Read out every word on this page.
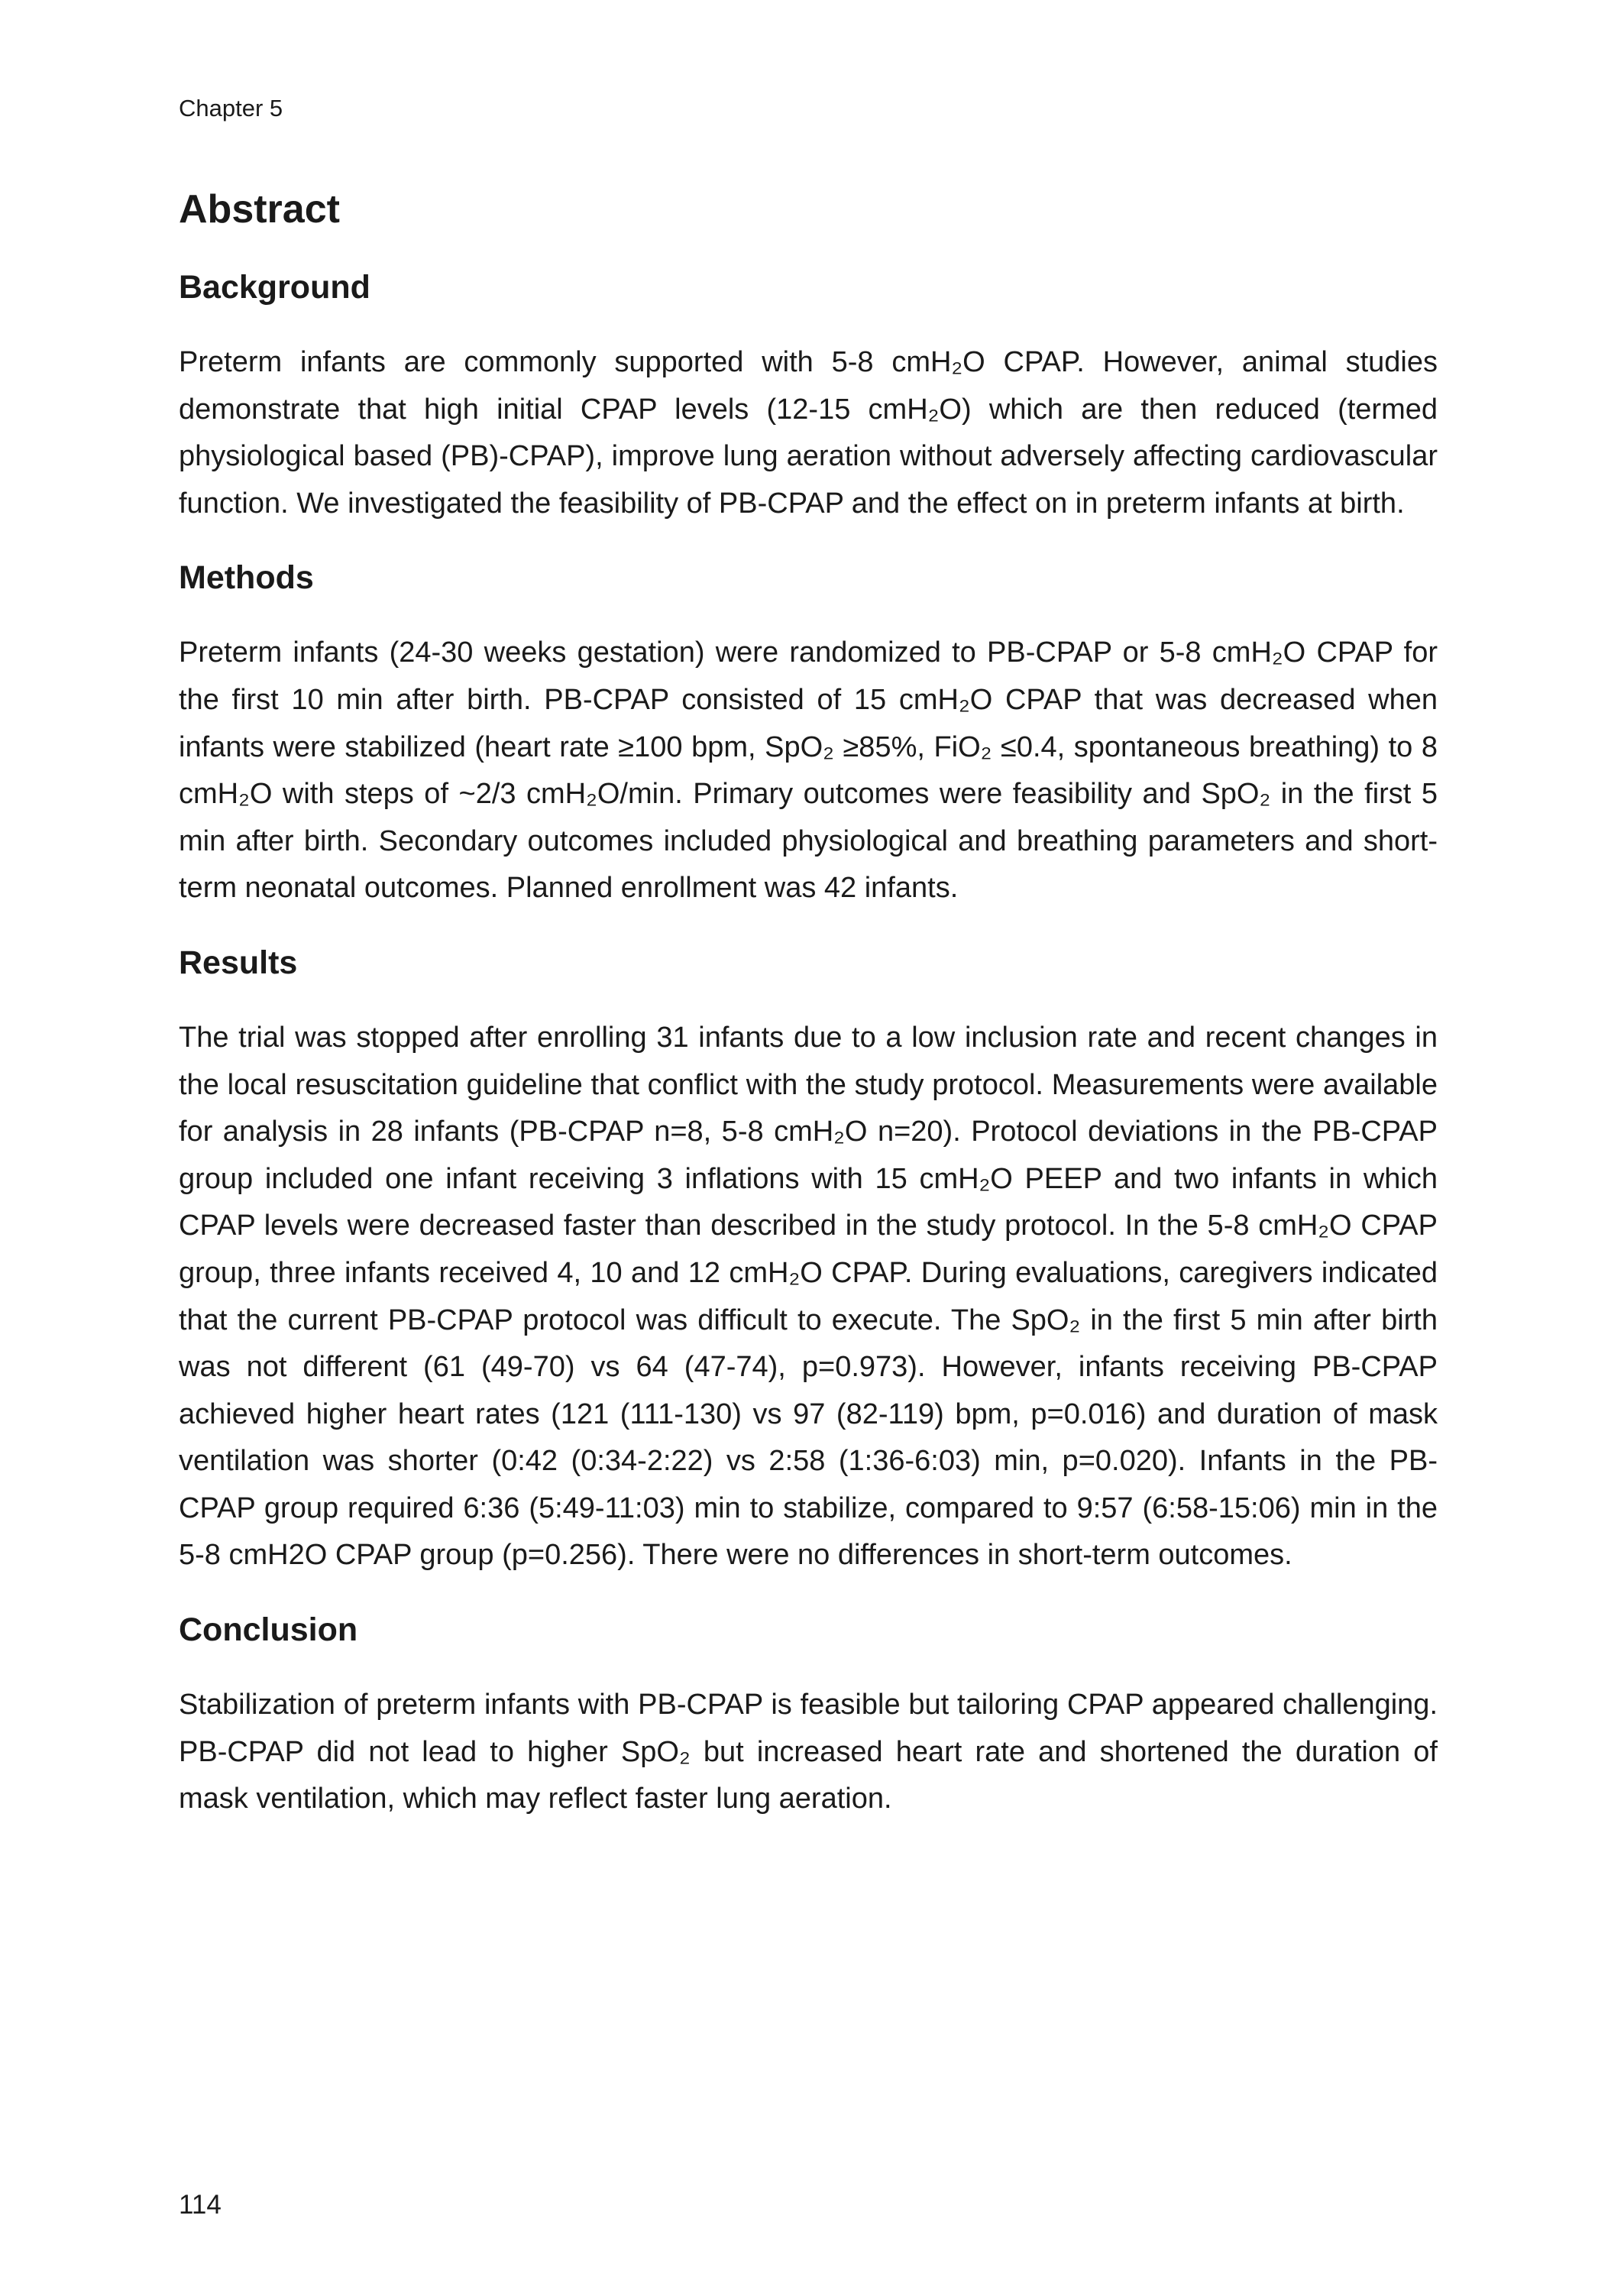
Chapter 5
Abstract
Background

Preterm infants are commonly supported with 5-8 cmH₂O CPAP. However, animal studies demonstrate that high initial CPAP levels (12-15 cmH₂O) which are then reduced (termed physiological based (PB)-CPAP), improve lung aeration without adversely affecting cardiovascular function. We investigated the feasibility of PB-CPAP and the effect on in preterm infants at birth.

Methods

Preterm infants (24-30 weeks gestation) were randomized to PB-CPAP or 5-8 cmH₂O CPAP for the first 10 min after birth. PB-CPAP consisted of 15 cmH₂O CPAP that was decreased when infants were stabilized (heart rate ≥100 bpm, SpO₂ ≥85%, FiO₂ ≤0.4, spontaneous breathing) to 8 cmH₂O with steps of ~2/3 cmH₂O/min. Primary outcomes were feasibility and SpO₂ in the first 5 min after birth. Secondary outcomes included physiological and breathing parameters and short-term neonatal outcomes. Planned enrollment was 42 infants.

Results

The trial was stopped after enrolling 31 infants due to a low inclusion rate and recent changes in the local resuscitation guideline that conflict with the study protocol. Measurements were available for analysis in 28 infants (PB-CPAP n=8, 5-8 cmH₂O n=20). Protocol deviations in the PB-CPAP group included one infant receiving 3 inflations with 15 cmH₂O PEEP and two infants in which CPAP levels were decreased faster than described in the study protocol. In the 5-8 cmH₂O CPAP group, three infants received 4, 10 and 12 cmH₂O CPAP. During evaluations, caregivers indicated that the current PB-CPAP protocol was difficult to execute. The SpO₂ in the first 5 min after birth was not different (61 (49-70) vs 64 (47-74), p=0.973). However, infants receiving PB-CPAP achieved higher heart rates (121 (111-130) vs 97 (82-119) bpm, p=0.016) and duration of mask ventilation was shorter (0:42 (0:34-2:22) vs 2:58 (1:36-6:03) min, p=0.020). Infants in the PB-CPAP group required 6:36 (5:49-11:03) min to stabilize, compared to 9:57 (6:58-15:06) min in the 5-8 cmH2O CPAP group (p=0.256). There were no differences in short-term outcomes.

Conclusion

Stabilization of preterm infants with PB-CPAP is feasible but tailoring CPAP appeared challenging. PB-CPAP did not lead to higher SpO₂ but increased heart rate and shortened the duration of mask ventilation, which may reflect faster lung aeration.

114
